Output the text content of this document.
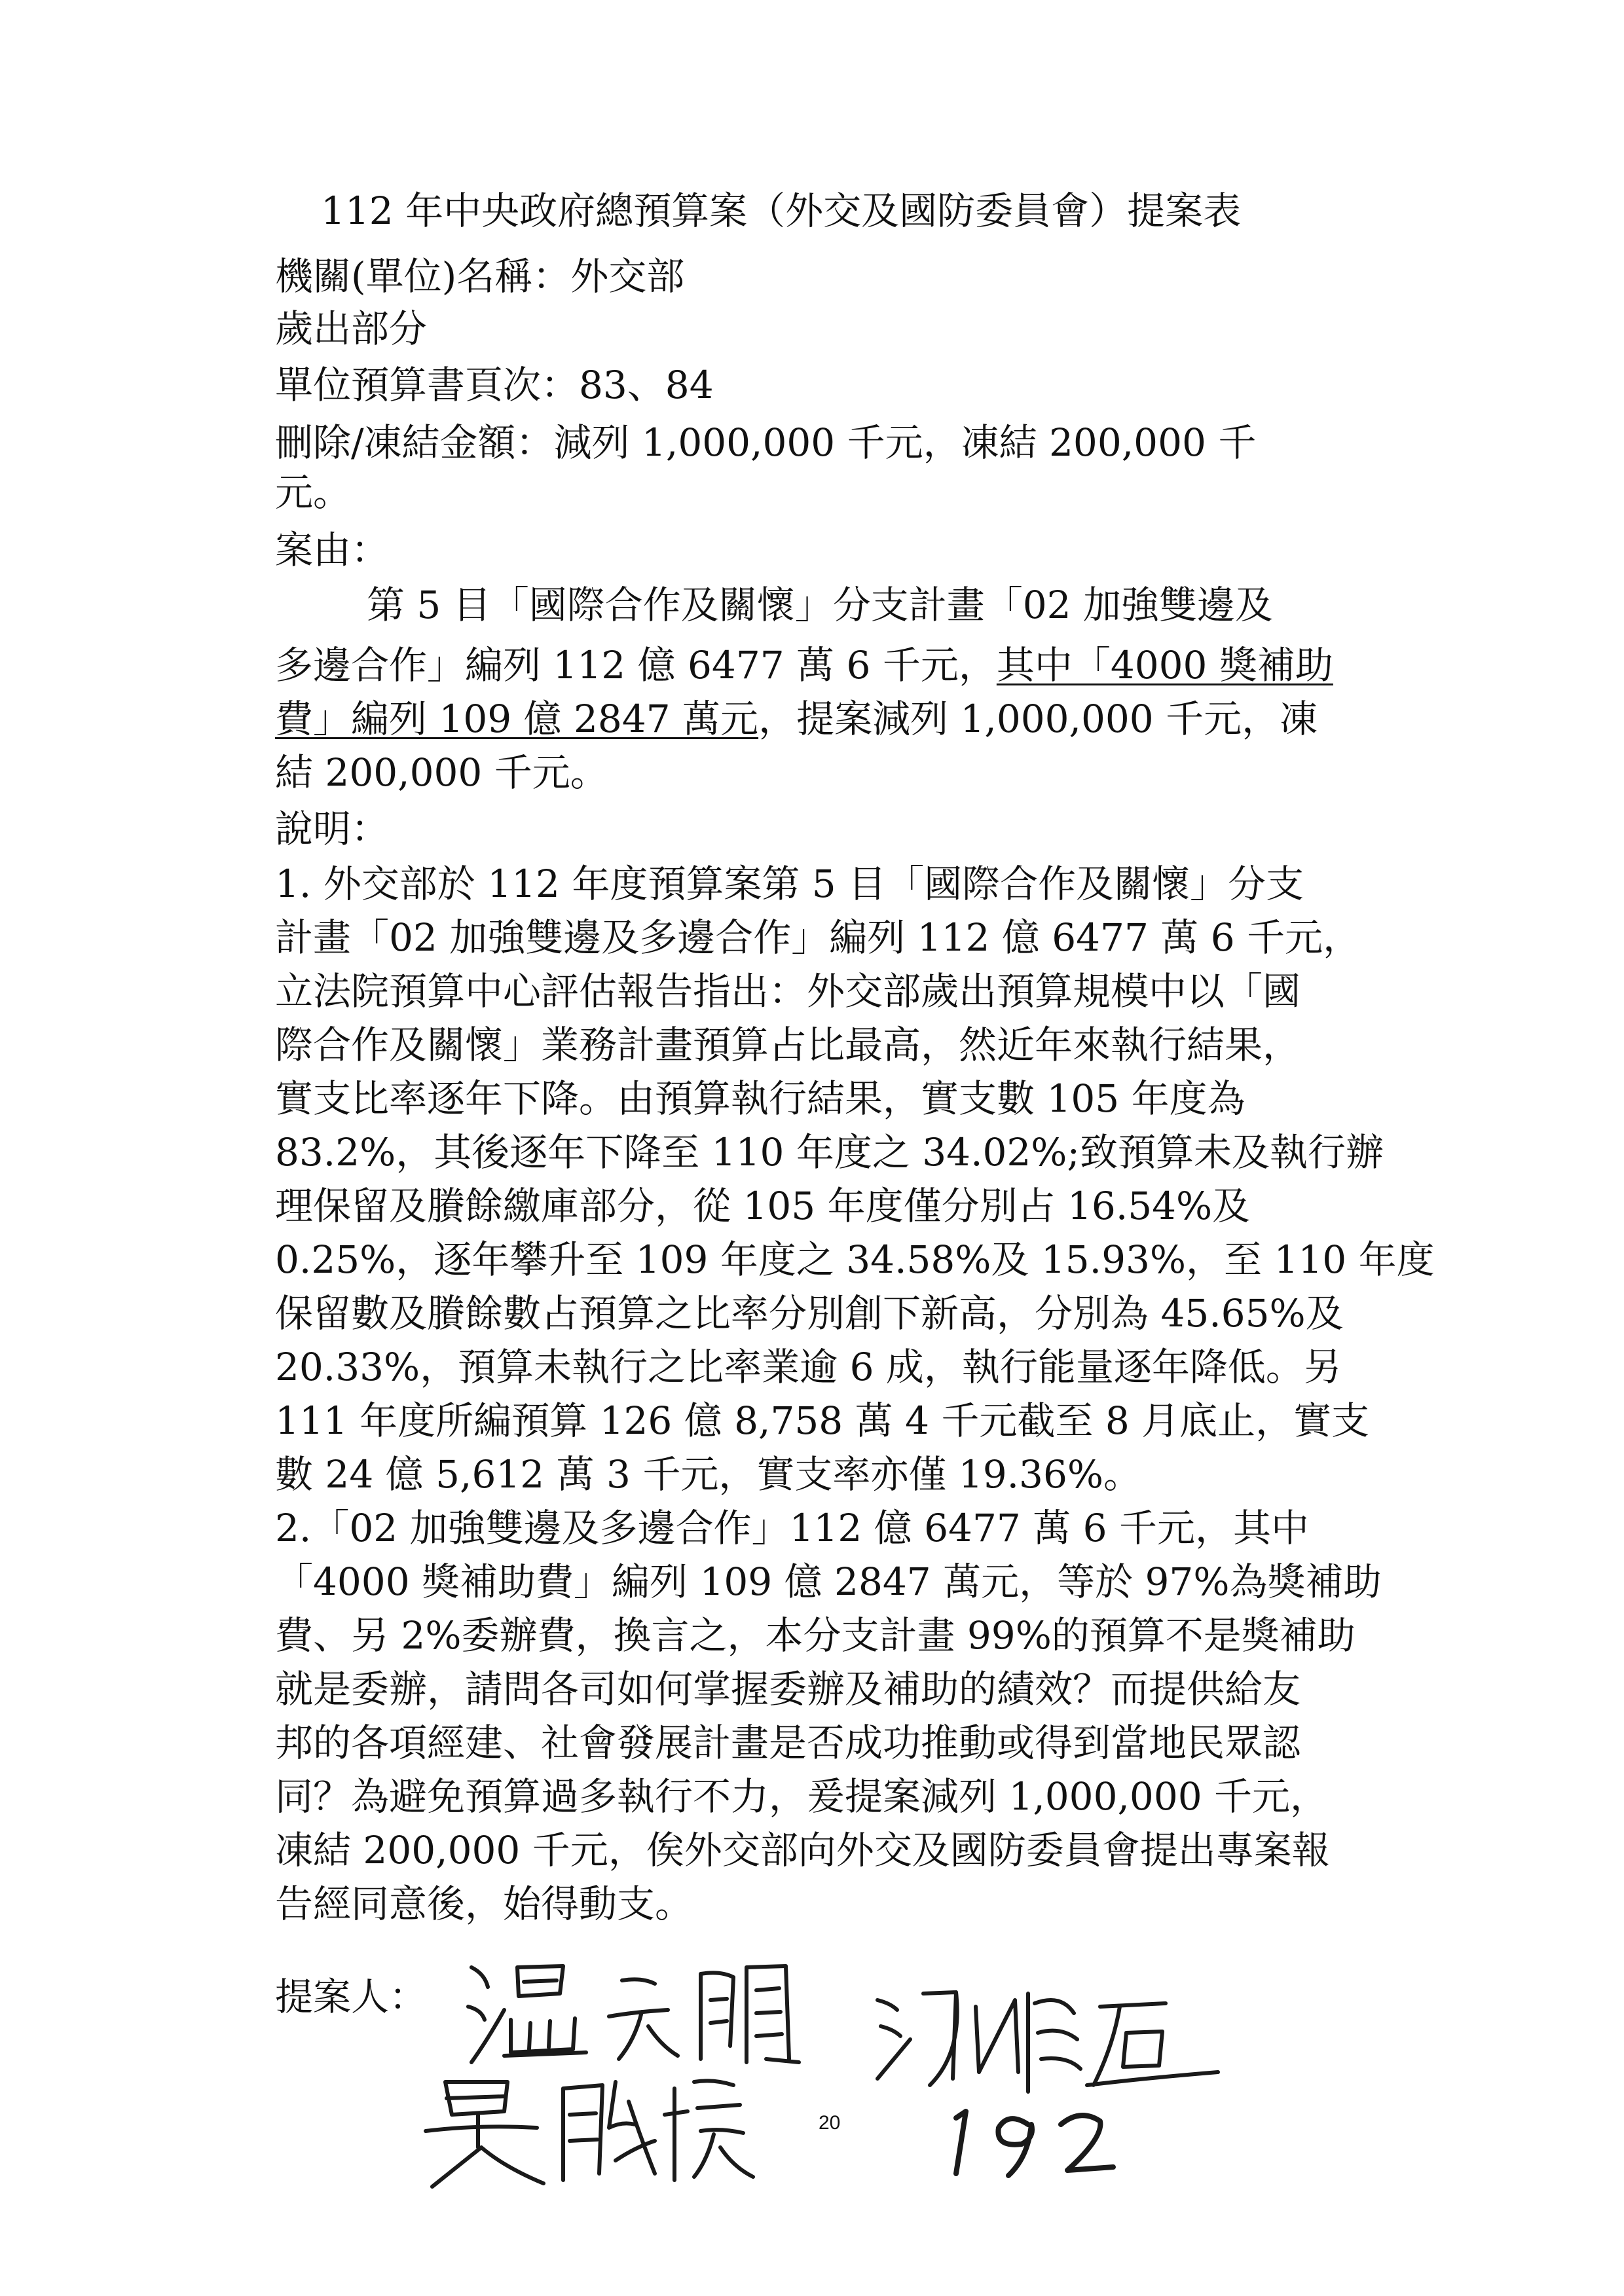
112 年中央政府總預算案（外交及國防委員會）提案表
機關(單位)名稱：外交部
歲出部分
單位預算書頁次：83、84
刪除/凍結金額：減列 1,000,000 千元，凍結 200,000 千
元。
案由：
第 5 目「國際合作及關懷」分支計畫「02 加強雙邊及
多邊合作」編列 112 億 6477 萬 6 千元，其中「4000 獎補助
費」編列 109 億 2847 萬元，提案減列 1,000,000 千元，凍
結 200,000 千元。
說明：
1. 外交部於 112 年度預算案第 5 目「國際合作及關懷」分支
計畫「02 加強雙邊及多邊合作」編列 112 億 6477 萬 6 千元，
立法院預算中心評估報告指出：外交部歲出預算規模中以「國
際合作及關懷」業務計畫預算占比最高，然近年來執行結果，
實支比率逐年下降。由預算執行結果，實支數 105 年度為
83.2%，其後逐年下降至 110 年度之 34.02%;致預算未及執行辦
理保留及賸餘繳庫部分，從 105 年度僅分別占 16.54%及
0.25%，逐年攀升至 109 年度之 34.58%及 15.93%，至 110 年度
保留數及賸餘數占預算之比率分別創下新高，分別為 45.65%及
20.33%，預算未執行之比率業逾 6 成，執行能量逐年降低。另
111 年度所編預算 126 億 8,758 萬 4 千元截至 8 月底止，實支
數 24 億 5,612 萬 3 千元，實支率亦僅 19.36%。
2.「02 加強雙邊及多邊合作」112 億 6477 萬 6 千元，其中
「4000 獎補助費」編列 109 億 2847 萬元，等於 97%為獎補助
費、另 2%委辦費，換言之，本分支計畫 99%的預算不是獎補助
就是委辦，請問各司如何掌握委辦及補助的績效？而提供給友
邦的各項經建、社會發展計畫是否成功推動或得到當地民眾認
同？為避免預算過多執行不力，爰提案減列 1,000,000 千元，
凍結 200,000 千元，俟外交部向外交及國防委員會提出專案報
告經同意後，始得動支。
提案人：
20
